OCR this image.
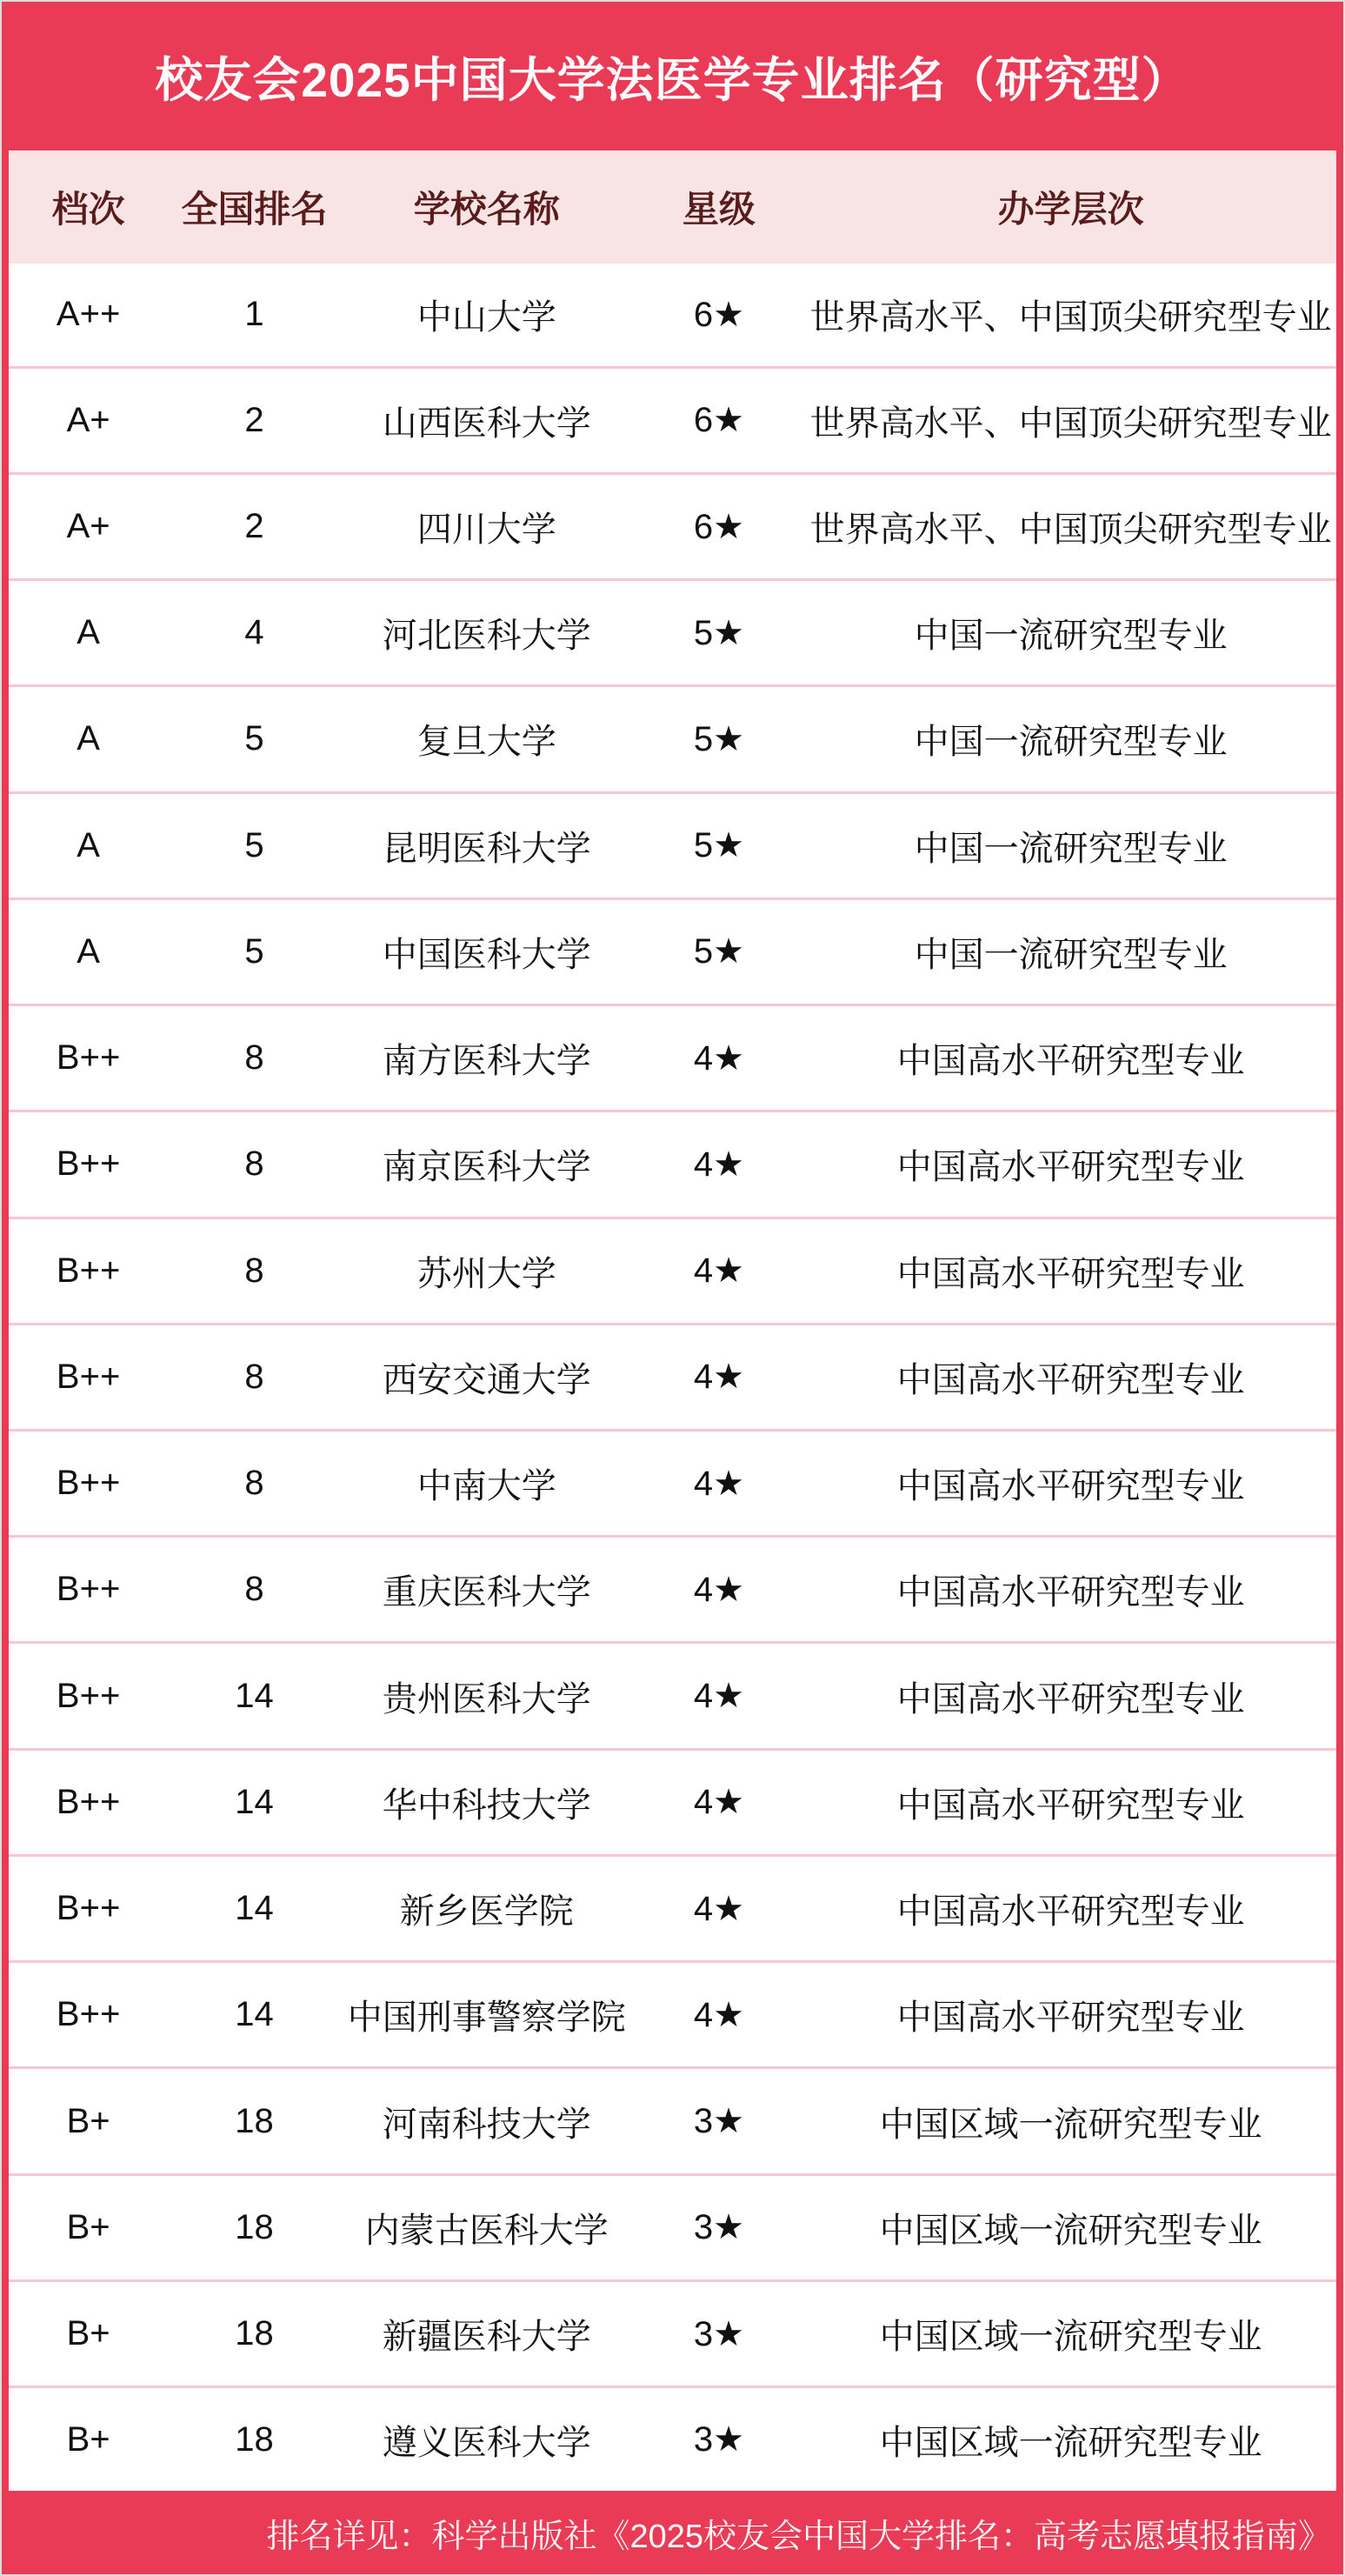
校友会2025中国大学法医学专业排名（研究型）
档次	全国排名	学校名称	星级	办学层次
A++	1	中山大学	6★	世界高水平、中国顶尖研究型专业
A+	2	山西医科大学	6★	世界高水平、中国顶尖研究型专业
A+	2	四川大学	6★	世界高水平、中国顶尖研究型专业
A	4	河北医科大学	5★	中国一流研究型专业
A	5	复旦大学	5★	中国一流研究型专业
A	5	昆明医科大学	5★	中国一流研究型专业
A	5	中国医科大学	5★	中国一流研究型专业
B++	8	南方医科大学	4★	中国高水平研究型专业
B++	8	南京医科大学	4★	中国高水平研究型专业
B++	8	苏州大学	4★	中国高水平研究型专业
B++	8	西安交通大学	4★	中国高水平研究型专业
B++	8	中南大学	4★	中国高水平研究型专业
B++	8	重庆医科大学	4★	中国高水平研究型专业
B++	14	贵州医科大学	4★	中国高水平研究型专业
B++	14	华中科技大学	4★	中国高水平研究型专业
B++	14	新乡医学院	4★	中国高水平研究型专业
B++	14	中国刑事警察学院	4★	中国高水平研究型专业
B+	18	河南科技大学	3★	中国区域一流研究型专业
B+	18	内蒙古医科大学	3★	中国区域一流研究型专业
B+	18	新疆医科大学	3★	中国区域一流研究型专业
B+	18	遵义医科大学	3★	中国区域一流研究型专业
排名详见：科学出版社《2025校友会中国大学排名：高考志愿填报指南》
